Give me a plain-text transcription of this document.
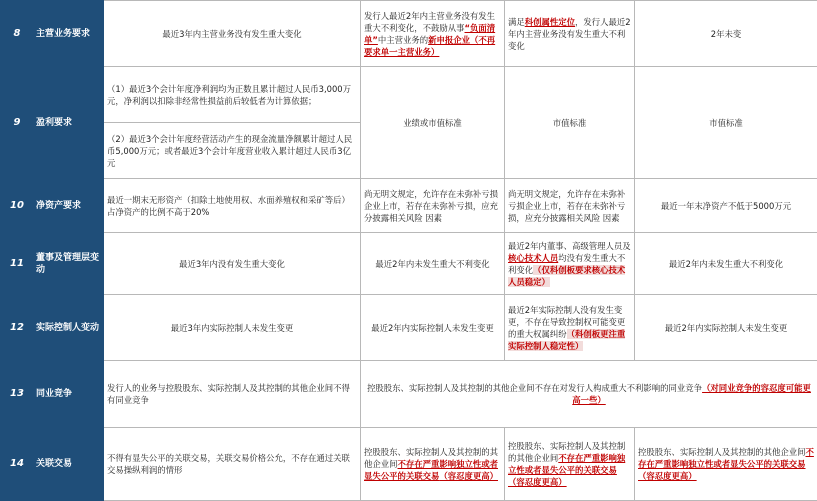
8	主营业务要求	最近3年内主营业务没有发生重大变化	发行人最近2年内主营业务没有发生重大不利变化，不鼓励从事“负面清单”中主营业务的新申报企业（不再要求单一主营业务）	满足科创属性定位，发行人最近2年内主营业务没有发生重大不利变化	2年未变
9	盈利要求	（1）最近3个会计年度净利润均为正数且累计超过人民币3,000万元，净利润以扣除非经常性损益前后较低者为计算依据；	业绩或市值标准	市值标准	市值标准
		（2）最近3个会计年度经营活动产生的现金流量净额累计超过人民币5,000万元；或者最近3个会计年度营业收入累计超过人民币3亿元			
10	净资产要求	最近一期末无形资产（扣除土地使用权、水面养殖权和采矿等后）占净资产的比例不高于20%	尚无明文规定，允许存在未弥补亏损企业上市，若存在未弥补亏损，应充分披露相关风险 因素	尚无明文规定，允许存在未弥补亏损企业上市，若存在未弥补亏损，应充分披露相关风险 因素	最近一年末净资产不低于5000万元
11	董事及管理层变动	最近3年内没有发生重大变化	最近2年内未发生重大不利变化	最近2年内董事、高级管理人员及核心技术人员均没有发生重大不利变化（仅科创板要求核心技术人员稳定）	最近2年内未发生重大不利变化
12	实际控制人变动	最近3年内实际控制人未发生变更	最近2年内实际控制人未发生变更	最近2年实际控制人没有发生变更，不存在导致控制权可能变更的重大权属纠纷（科创板更注重实际控制人稳定性）	最近2年内实际控制人未发生变更
13	同业竞争	发行人的业务与控股股东、实际控制人及其控制的其他企业间不得有同业竞争	控股股东、实际控制人及其控制的其他企业间不存在对发行人构成重大不利影响的同业竞争（对同业竞争的容忍度可能更高一些）		
14	关联交易	不得有显失公平的关联交易，关联交易价格公允，不存在通过关联交易操纵利润的情形	控股股东、实际控制人及其控制的其他企业间不存在严重影响独立性或者显失公平的关联交易（容忍度更高）	控股股东、实际控制人及其控制的其他企业间不存在严重影响独立性或者显失公平的关联交易（容忍度更高）	控股股东、实际控制人及其控制的其他企业间不存在严重影响独立性或者显失公平的关联交易（容忍度更高）
